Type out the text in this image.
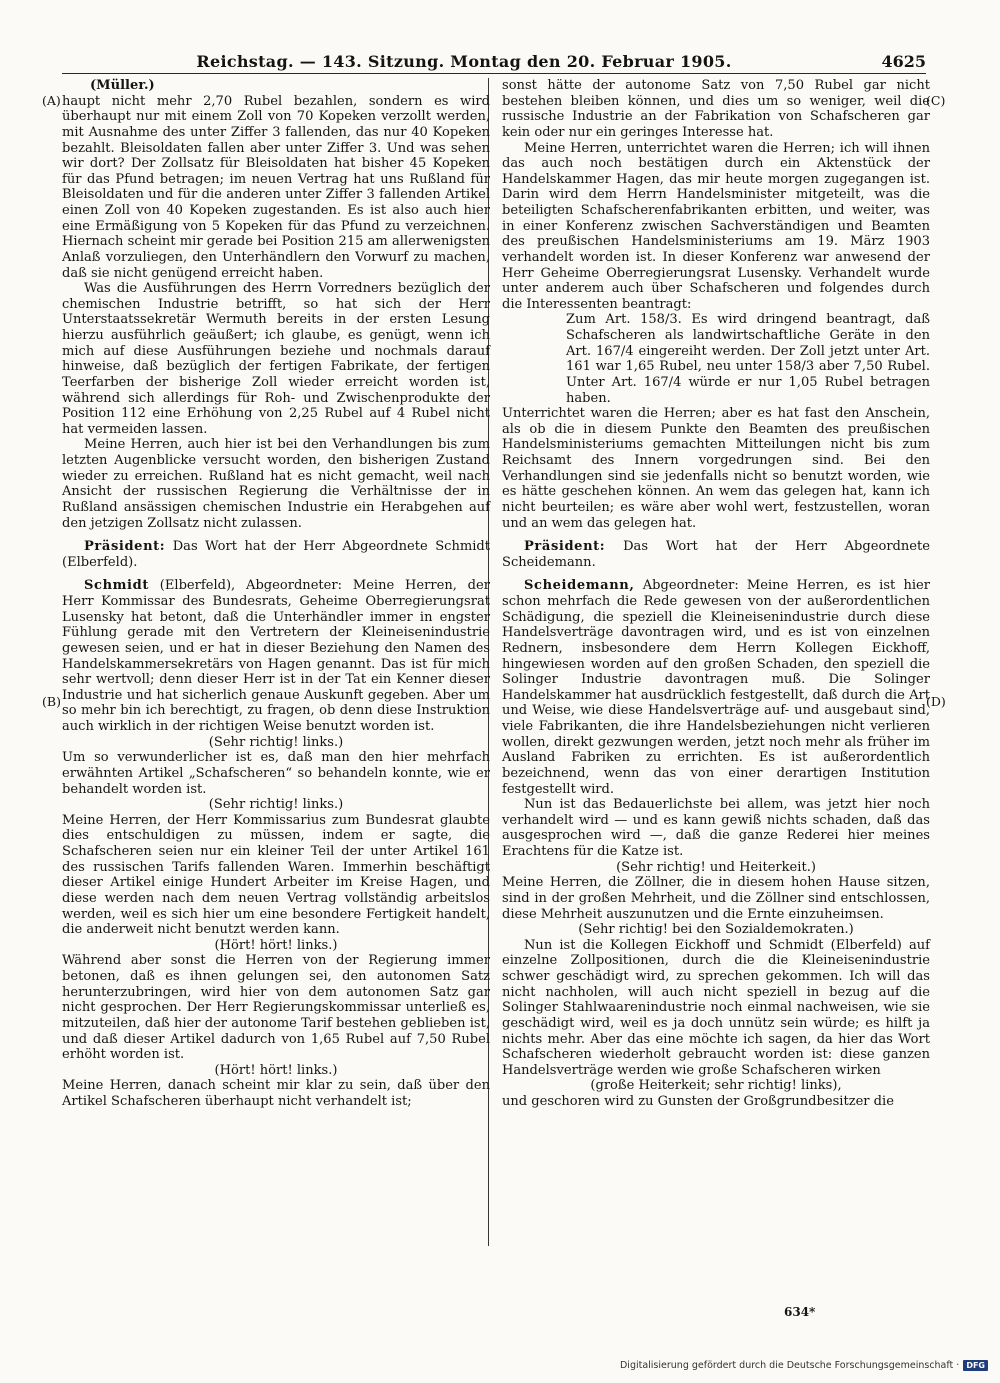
Reichstag. — 143. Sitzung. Montag den 20. Februar 1905.	4625
(A)
(B)
(C)
(D)

(Müller.)

haupt nicht mehr 2,70 Rubel bezahlen, sondern es wird überhaupt nur mit einem Zoll von 70 Kopeken verzollt werden, mit Ausnahme des unter Ziffer 3 fallenden, das nur 40 Kopeken bezahlt. Bleisoldaten fallen aber unter Ziffer 3. Und was sehen wir dort? Der Zollsatz für Bleisoldaten hat bisher 45 Kopeken für das Pfund betragen; im neuen Vertrag hat uns Rußland für Bleisoldaten und für die anderen unter Ziffer 3 fallenden Artikel einen Zoll von 40 Kopeken zugestanden. Es ist also auch hier eine Ermäßigung von 5 Kopeken für das Pfund zu verzeichnen. Hiernach scheint mir gerade bei Position 215 am allerwenigsten Anlaß vorzuliegen, den Unterhändlern den Vorwurf zu machen, daß sie nicht genügend erreicht haben.

Was die Ausführungen des Herrn Vorredners bezüglich der chemischen Industrie betrifft, so hat sich der Herr Unterstaatssekretär Wermuth bereits in der ersten Lesung hierzu ausführlich geäußert; ich glaube, es genügt, wenn ich mich auf diese Ausführungen beziehe und nochmals darauf hinweise, daß bezüglich der fertigen Fabrikate, der fertigen Teerfarben der bisherige Zoll wieder erreicht worden ist, während sich allerdings für Roh- und Zwischenprodukte der Position 112 eine Erhöhung von 2,25 Rubel auf 4 Rubel nicht hat vermeiden lassen.

Meine Herren, auch hier ist bei den Verhandlungen bis zum letzten Augenblicke versucht worden, den bisherigen Zustand wieder zu erreichen. Rußland hat es nicht gemacht, weil nach Ansicht der russischen Regierung die Verhältnisse der in Rußland ansässigen chemischen Industrie ein Herabgehen auf den jetzigen Zollsatz nicht zulassen.

Präsident: Das Wort hat der Herr Abgeordnete Schmidt (Elberfeld).

Schmidt (Elberfeld), Abgeordneter: Meine Herren, der Herr Kommissar des Bundesrats, Geheime Oberregierungsrat Lusensky hat betont, daß die Unterhändler immer in engster Fühlung gerade mit den Vertretern der Kleineisenindustrie gewesen seien, und er hat in dieser Beziehung den Namen des Handelskammersekretärs von Hagen genannt. Das ist für mich sehr wertvoll; denn dieser Herr ist in der Tat ein Kenner dieser Industrie und hat sicherlich genaue Auskunft gegeben. Aber um so mehr bin ich berechtigt, zu fragen, ob denn diese Instruktion auch wirklich in der richtigen Weise benutzt worden ist.

(Sehr richtig! links.)

Um so verwunderlicher ist es, daß man den hier mehrfach erwähnten Artikel „Schafscheren“ so behandeln konnte, wie er behandelt worden ist.

(Sehr richtig! links.)

Meine Herren, der Herr Kommissarius zum Bundesrat glaubte dies entschuldigen zu müssen, indem er sagte, die Schafscheren seien nur ein kleiner Teil der unter Artikel 161 des russischen Tarifs fallenden Waren. Immerhin beschäftigt dieser Artikel einige Hundert Arbeiter im Kreise Hagen, und diese werden nach dem neuen Vertrag vollständig arbeitslos werden, weil es sich hier um eine besondere Fertigkeit handelt, die anderweit nicht benutzt werden kann.

(Hört! hört! links.)

Während aber sonst die Herren von der Regierung immer betonen, daß es ihnen gelungen sei, den autonomen Satz herunterzubringen, wird hier von dem autonomen Satz gar nicht gesprochen. Der Herr Regierungskommissar unterließ es, mitzuteilen, daß hier der autonome Tarif bestehen geblieben ist, und daß dieser Artikel dadurch von 1,65 Rubel auf 7,50 Rubel erhöht worden ist.

(Hört! hört! links.)

Meine Herren, danach scheint mir klar zu sein, daß über den Artikel Schafscheren überhaupt nicht verhandelt ist;

sonst hätte der autonome Satz von 7,50 Rubel gar nicht bestehen bleiben können, und dies um so weniger, weil die russische Industrie an der Fabrikation von Schafscheren gar kein oder nur ein geringes Interesse hat.

Meine Herren, unterrichtet waren die Herren; ich will ihnen das auch noch bestätigen durch ein Aktenstück der Handelskammer Hagen, das mir heute morgen zugegangen ist. Darin wird dem Herrn Handelsminister mitgeteilt, was die beteiligten Schafscherenfabrikanten erbitten, und weiter, was in einer Konferenz zwischen Sachverständigen und Beamten des preußischen Handelsministeriums am 19. März 1903 verhandelt worden ist. In dieser Konferenz war anwesend der Herr Geheime Oberregierungsrat Lusensky. Verhandelt wurde unter anderem auch über Schafscheren und folgendes durch die Interessenten beantragt:

Zum Art. 158/3. Es wird dringend beantragt, daß Schafscheren als landwirtschaftliche Geräte in den Art. 167/4 eingereiht werden. Der Zoll jetzt unter Art. 161 war 1,65 Rubel, neu unter 158/3 aber 7,50 Rubel. Unter Art. 167/4 würde er nur 1,05 Rubel betragen haben.

Unterrichtet waren die Herren; aber es hat fast den Anschein, als ob die in diesem Punkte den Beamten des preußischen Handelsministeriums gemachten Mitteilungen nicht bis zum Reichsamt des Innern vorgedrungen sind. Bei den Verhandlungen sind sie jedenfalls nicht so benutzt worden, wie es hätte geschehen können. An wem das gelegen hat, kann ich nicht beurteilen; es wäre aber wohl wert, festzustellen, woran und an wem das gelegen hat.

Präsident: Das Wort hat der Herr Abgeordnete Scheidemann.

Scheidemann, Abgeordneter: Meine Herren, es ist hier schon mehrfach die Rede gewesen von der außerordentlichen Schädigung, die speziell die Kleineisenindustrie durch diese Handelsverträge davontragen wird, und es ist von einzelnen Rednern, insbesondere dem Herrn Kollegen Eickhoff, hingewiesen worden auf den großen Schaden, den speziell die Solinger Industrie davontragen muß. Die Solinger Handelskammer hat ausdrücklich festgestellt, daß durch die Art und Weise, wie diese Handelsverträge auf- und ausgebaut sind, viele Fabrikanten, die ihre Handelsbeziehungen nicht verlieren wollen, direkt gezwungen werden, jetzt noch mehr als früher im Ausland Fabriken zu errichten. Es ist außerordentlich bezeichnend, wenn das von einer derartigen Institution festgestellt wird.

Nun ist das Bedauerlichste bei allem, was jetzt hier noch verhandelt wird — und es kann gewiß nichts schaden, daß das ausgesprochen wird —, daß die ganze Rederei hier meines Erachtens für die Katze ist.

(Sehr richtig! und Heiterkeit.)

Meine Herren, die Zöllner, die in diesem hohen Hause sitzen, sind in der großen Mehrheit, und die Zöllner sind entschlossen, diese Mehrheit auszunutzen und die Ernte einzuheimsen.

(Sehr richtig! bei den Sozialdemokraten.)

Nun ist die Kollegen Eickhoff und Schmidt (Elberfeld) auf einzelne Zollpositionen, durch die die Kleineisenindustrie schwer geschädigt wird, zu sprechen gekommen. Ich will das nicht nachholen, will auch nicht speziell in bezug auf die Solinger Stahlwaarenindustrie noch einmal nachweisen, wie sie geschädigt wird, weil es ja doch unnütz sein würde; es hilft ja nichts mehr. Aber das eine möchte ich sagen, da hier das Wort Schafscheren wiederholt gebraucht worden ist: diese ganzen Handelsverträge werden wie große Schafscheren wirken

(große Heiterkeit; sehr richtig! links),

und geschoren wird zu Gunsten der Großgrundbesitzer die

634*
Digitalisierung gefördert durch die Deutsche Forschungsgemeinschaft · DFG
